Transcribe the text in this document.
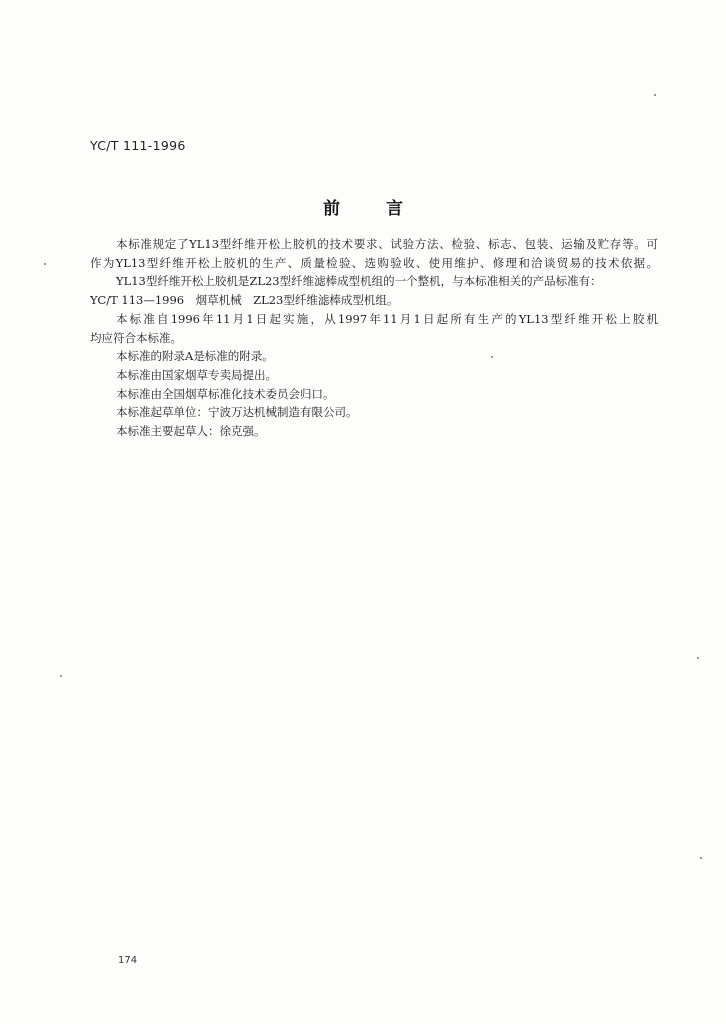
YC/T 111-1996
前	言

本标准规定了YL13型纤维开松上胶机的技术要求、试验方法、检验、标志、包装、运输及贮存等。可

作为YL13型纤维开松上胶机的生产、质量检验、选购验收、使用维护、修理和洽谈贸易的技术依据。

YL13型纤维开松上胶机是ZL23型纤维滤棒成型机组的一个整机，与本标准相关的产品标准有：

YC/T 113—1996　烟草机械　ZL23型纤维滤棒成型机组。

本标准自1996年11月1日起实施，从1997年11月1日起所有生产的YL13型纤维开松上胶机

均应符合本标准。

本标准的附录A是标准的附录。

本标准由国家烟草专卖局提出。

本标准由全国烟草标准化技术委员会归口。

本标准起草单位：宁波万达机械制造有限公司。

本标准主要起草人：徐克强。

174
